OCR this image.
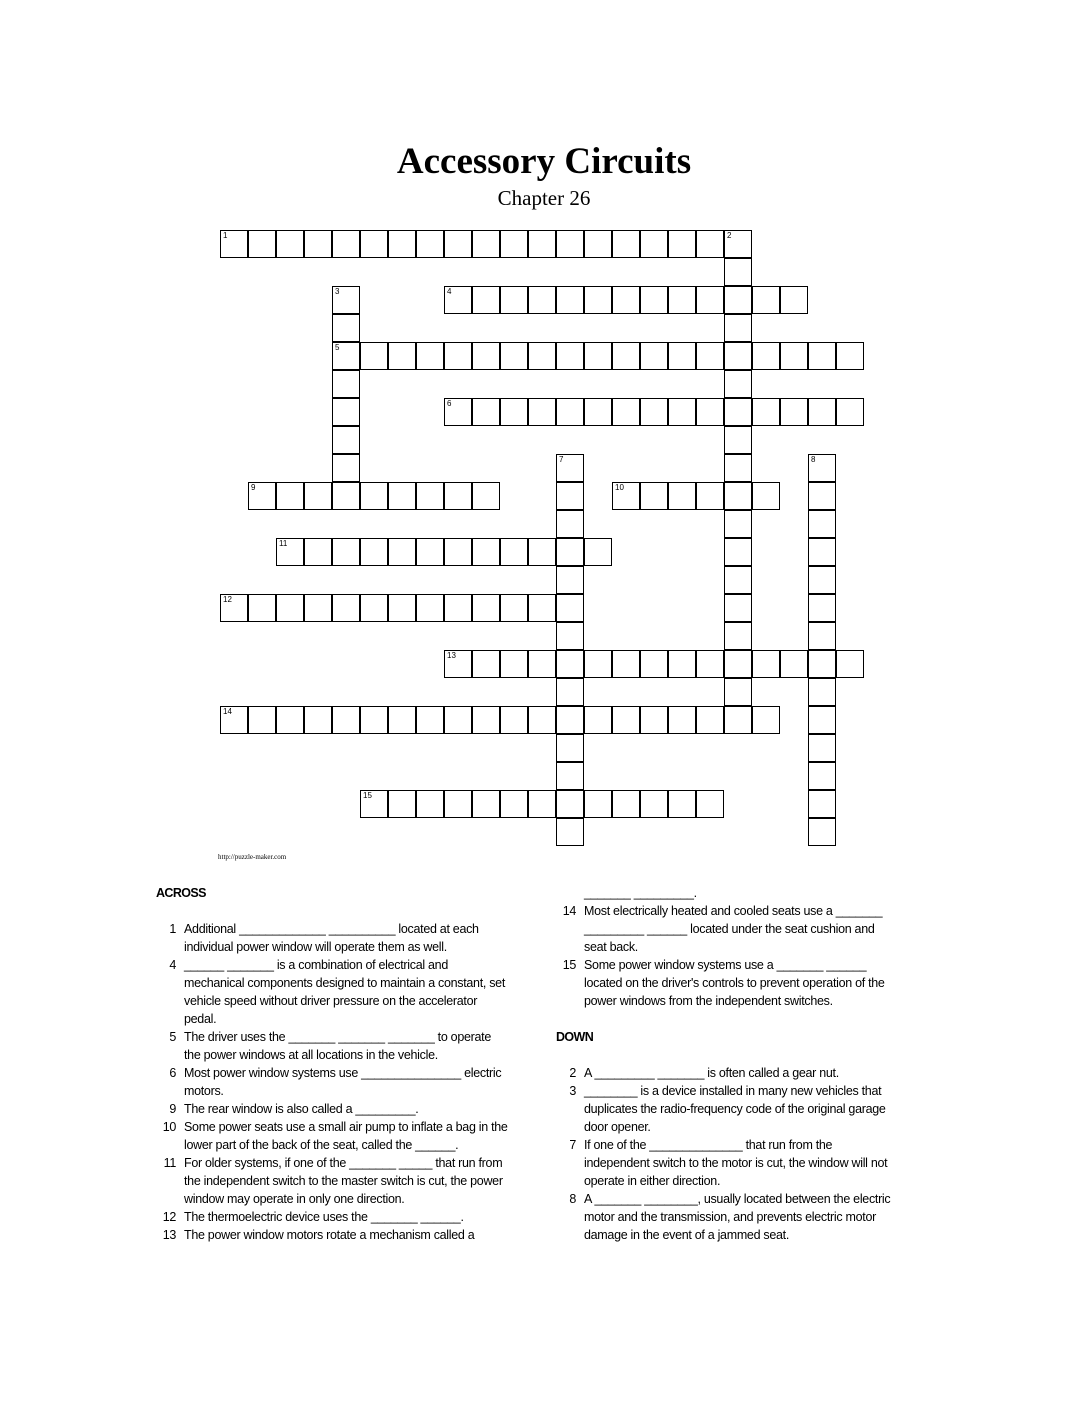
Accessory Circuits
Chapter 26
1	2
3
5
4
6
7	8
9	10
11
12
13
14
15
http://puzzle-maker.com
ACROSS
1 Additional _____________ __________ located at each individual power window will operate them as well.
4 ______ _______ is a combination of electrical and mechanical components designed to maintain a constant, set vehicle speed without driver pressure on the accelerator pedal.
5 The driver uses the _______ _______ _______ to operate the power windows at all locations in the vehicle.
6 Most power window systems use _______________ electric motors.
9 The rear window is also called a _________.
10 Some power seats use a small air pump to inflate a bag in the lower part of the back of the seat, called the ______.
11 For older systems, if one of the _______ _____ that run from the independent switch to the master switch is cut, the power window may operate in only one direction.
12 The thermoelectric device uses the _______ ______.
13 The power window motors rotate a mechanism called a
_______ _________.
14 Most electrically heated and cooled seats use a _______ _________ ______ located under the seat cushion and seat back.
15 Some power window systems use a _______ ______ located on the driver's controls to prevent operation of the power windows from the independent switches.
DOWN
2 A _________ _______ is often called a gear nut.
3 ________ is a device installed in many new vehicles that duplicates the radio-frequency code of the original garage door opener.
7 If one of the ______________ that run from the independent switch to the motor is cut, the window will not operate in either direction.
8 A _______ ________, usually located between the electric motor and the transmission, and prevents electric motor damage in the event of a jammed seat.
